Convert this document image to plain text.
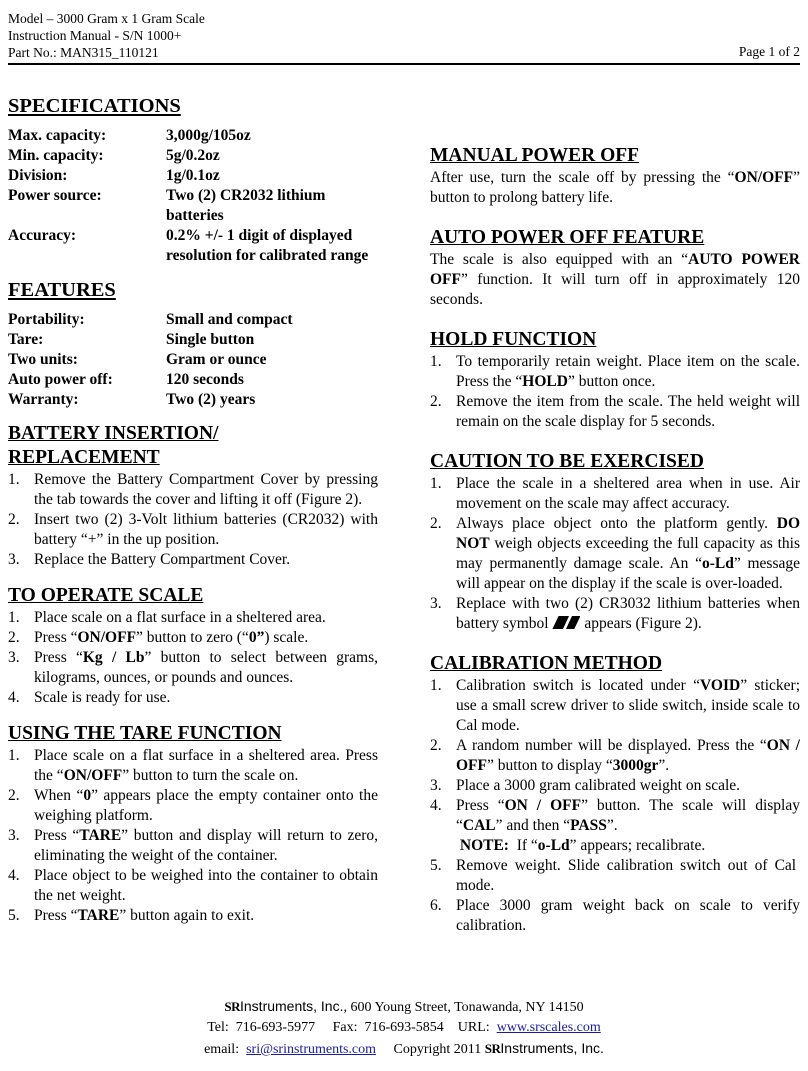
Model – 3000 Gram x 1 Gram Scale
Instruction Manual - S/N 1000+
Part No.: MAN315_110121	Page 1 of 2
SPECIFICATIONS
Max. capacity:	3,000g/105oz
Min. capacity:	5g/0.2oz
Division:	1g/0.1oz
Power source:	Two (2) CR2032 lithium batteries
Accuracy:	0.2% +/- 1 digit of displayed resolution for calibrated range
FEATURES
Portability:	Small and compact
Tare:	Single button
Two units:	Gram or ounce
Auto power off:	120 seconds
Warranty:	Two (2) years
BATTERY INSERTION/
REPLACEMENT
1. Remove the Battery Compartment Cover by pressing the tab towards the cover and lifting it off (Figure 2).
2. Insert two (2) 3-Volt lithium batteries (CR2032) with battery “+” in the up position.
3. Replace the Battery Compartment Cover.
TO OPERATE SCALE
1. Place scale on a flat surface in a sheltered area.
2. Press “ON/OFF” button to zero (“0”) scale.
3. Press “Kg / Lb” button to select between grams, kilograms, ounces, or pounds and ounces.
4. Scale is ready for use.
USING THE TARE FUNCTION
1. Place scale on a flat surface in a sheltered area. Press the “ON/OFF” button to turn the scale on.
2. When “0” appears place the empty container onto the weighing platform.
3. Press “TARE” button and display will return to zero, eliminating the weight of the container.
4. Place object to be weighed into the container to obtain the net weight.
5. Press “TARE” button again to exit.
MANUAL POWER OFF

After use, turn the scale off by pressing the “ON/OFF” button to prolong battery life.

AUTO POWER OFF FEATURE

The scale is also equipped with an “AUTO POWER OFF” function. It will turn off in approximately 120 seconds.

HOLD FUNCTION
1. To temporarily retain weight. Place item on the scale. Press the “HOLD” button once.
2. Remove the item from the scale. The held weight will remain on the scale display for 5 seconds.
CAUTION TO BE EXERCISED
1. Place the scale in a sheltered area when in use. Air movement on the scale may affect accuracy.
2. Always place object onto the platform gently. DO NOT weigh objects exceeding the full capacity as this may permanently damage scale. An “o-Ld” message will appear on the display if the scale is over-loaded.
3. Replace with two (2) CR3032 lithium batteries when battery symbol  appears (Figure 2).
CALIBRATION METHOD
1. Calibration switch is located under “VOID” sticker; use a small screw driver to slide switch, inside scale to Cal mode.
2. A random number will be displayed. Press the “ON / OFF” button to display “3000gr”.
3. Place a 3000 gram calibrated weight on scale.
4. Press “ON / OFF” button. The scale will display “CAL” and then “PASS”.
NOTE:  If “o-Ld” appears; recalibrate.
5. Remove weight. Slide calibration switch out of Cal  mode.
6. Place 3000 gram weight back on scale to verify calibration.
SRInstruments, Inc., 600 Young Street, Tonawanda, NY 14150
Tel:  716-693-5977     Fax:  716-693-5854    URL:  www.srscales.com
email:  sri@srinstruments.com     Copyright 2011 SRInstruments, Inc.
